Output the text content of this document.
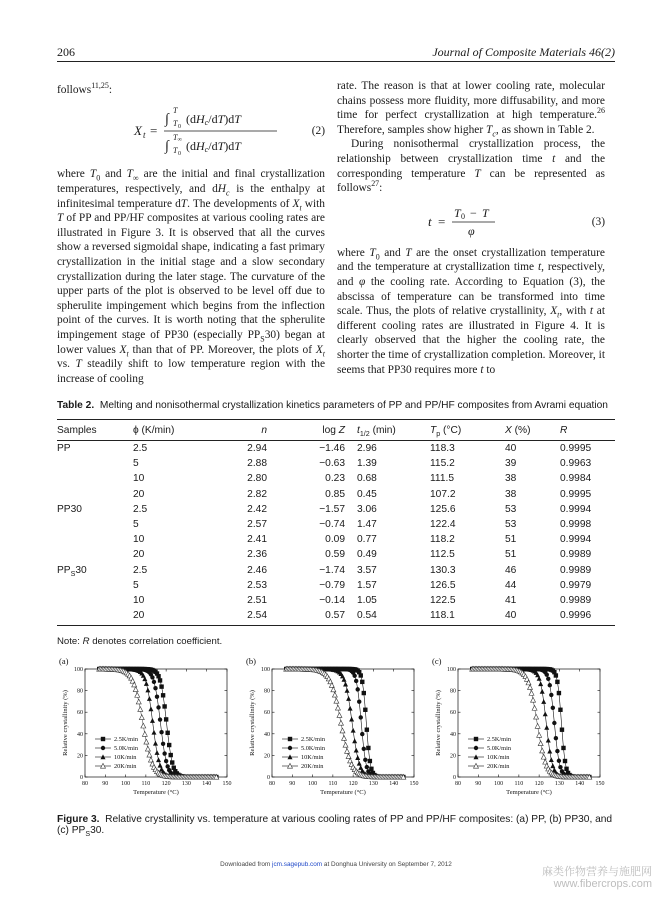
206	Journal of Composite Materials 46(2)

follows$^{11,25}$:

X t =
∫
T
T 0
(dHc/dT)dT
∫
T∞
T 0
(dHc/dT)dT
(2)

where $T_0$ and $T_\infty$ are the initial and final crystallization temperatures, respectively, and $dH_c$ is the enthalpy at infinitesimal temperature dT. The developments of $X_t$ with T of PP and PP/HF composites at various cooling rates are illustrated in Figure 3. It is observed that all the curves show a reversed sigmoidal shape, indicating a fast primary crystallization in the initial stage and a slow secondary crystallization during the later stage. The curvature of the upper parts of the plot is observed to be level off due to spherulite impingement which begins from the inflection point of the curves. It is worth noting that the spherulite impingement stage of PP30 (especially $PP_S30$) began at lower values $X_t$ than that of PP. Moreover, the plots of $X_t$ vs. T steadily shift to low temperature region with the increase of cooling

rate. The reason is that at lower cooling rate, molecular chains possess more fluidity, more diffusability, and more time for perfect crystallization at high temperature.$^{26}$ Therefore, samples show higher $T_c$, as shown in Table 2.

During nonisothermal crystallization process, the relationship between crystallization time t and the corresponding temperature T can be represented as follows$^{27}$:

t =
T 0 − T
φ
(3)

where $T_0$ and T are the onset crystallization temperature and the temperature at crystallization time t, respectively, and φ the cooling rate. According to Equation (3), the abscissa of temperature can be transformed into time scale. Thus, the plots of relative crystallinity, $X_t$, with t at different cooling rates are illustrated in Figure 4. It is clearly observed that the higher the cooling rate, the shorter the time of crystallization completion. Moreover, it seems that PP30 requires more t to

Table 2. Melting and nonisothermal crystallization kinetics parameters of PP and PP/HF composites from Avrami equation
Samples	ϕ (K/min)	n	log Z	$t_{1/2}$ (min)	$T_p$ (°C)	X (%)	R
PP	2.5	2.94	−1.46	2.96	118.3	40	0.9995
	5	2.88	−0.63	1.39	115.2	39	0.9963
	10	2.80	0.23	0.68	111.5	38	0.9984
	20	2.82	0.85	0.45	107.2	38	0.9995
PP30	2.5	2.42	−1.57	3.06	125.6	53	0.9994
	5	2.57	−0.74	1.47	122.4	53	0.9998
	10	2.41	0.09	0.77	118.2	51	0.9994
	20	2.36	0.59	0.49	112.5	51	0.9989
$PP_S30$	2.5	2.46	−1.74	3.57	130.3	46	0.9989
	5	2.53	−0.79	1.57	126.5	44	0.9979
	10	2.51	−0.14	1.05	122.5	41	0.9989
	20	2.54	0.57	0.54	118.1	40	0.9996
Note: R denotes correlation coefficient.
(a)
80 90 100 110 120 130 140 150
0
20
40
60
80
100
Temperature (°C)
Relative crystallinity (%)	2.5K/min
5.0K/min
10K/min
20K/min
(b)
80 90 100 110 120 130 140 150
0
20
40
60
80
100
Temperature (°C)
Relative crystallinity (%)	2.5K/min
5.0K/min
10K/min
20K/min
(c)
80 90 100 110 120 130 140 150
0
20
40
60
80
100
Temperature (°C)
Relative crystallinity (%)	2.5K/min
5.0K/min
10K/min
20K/min
Figure 3. Relative crystallinity vs. temperature at various cooling rates of PP and PP/HF composites: (a) PP, (b) PP30, and (c) $PP_S30$.
Downloaded from jcm.sagepub.com at Donghua University on September 7, 2012
麻类作物营养与施肥网
www.fibercrops.com
